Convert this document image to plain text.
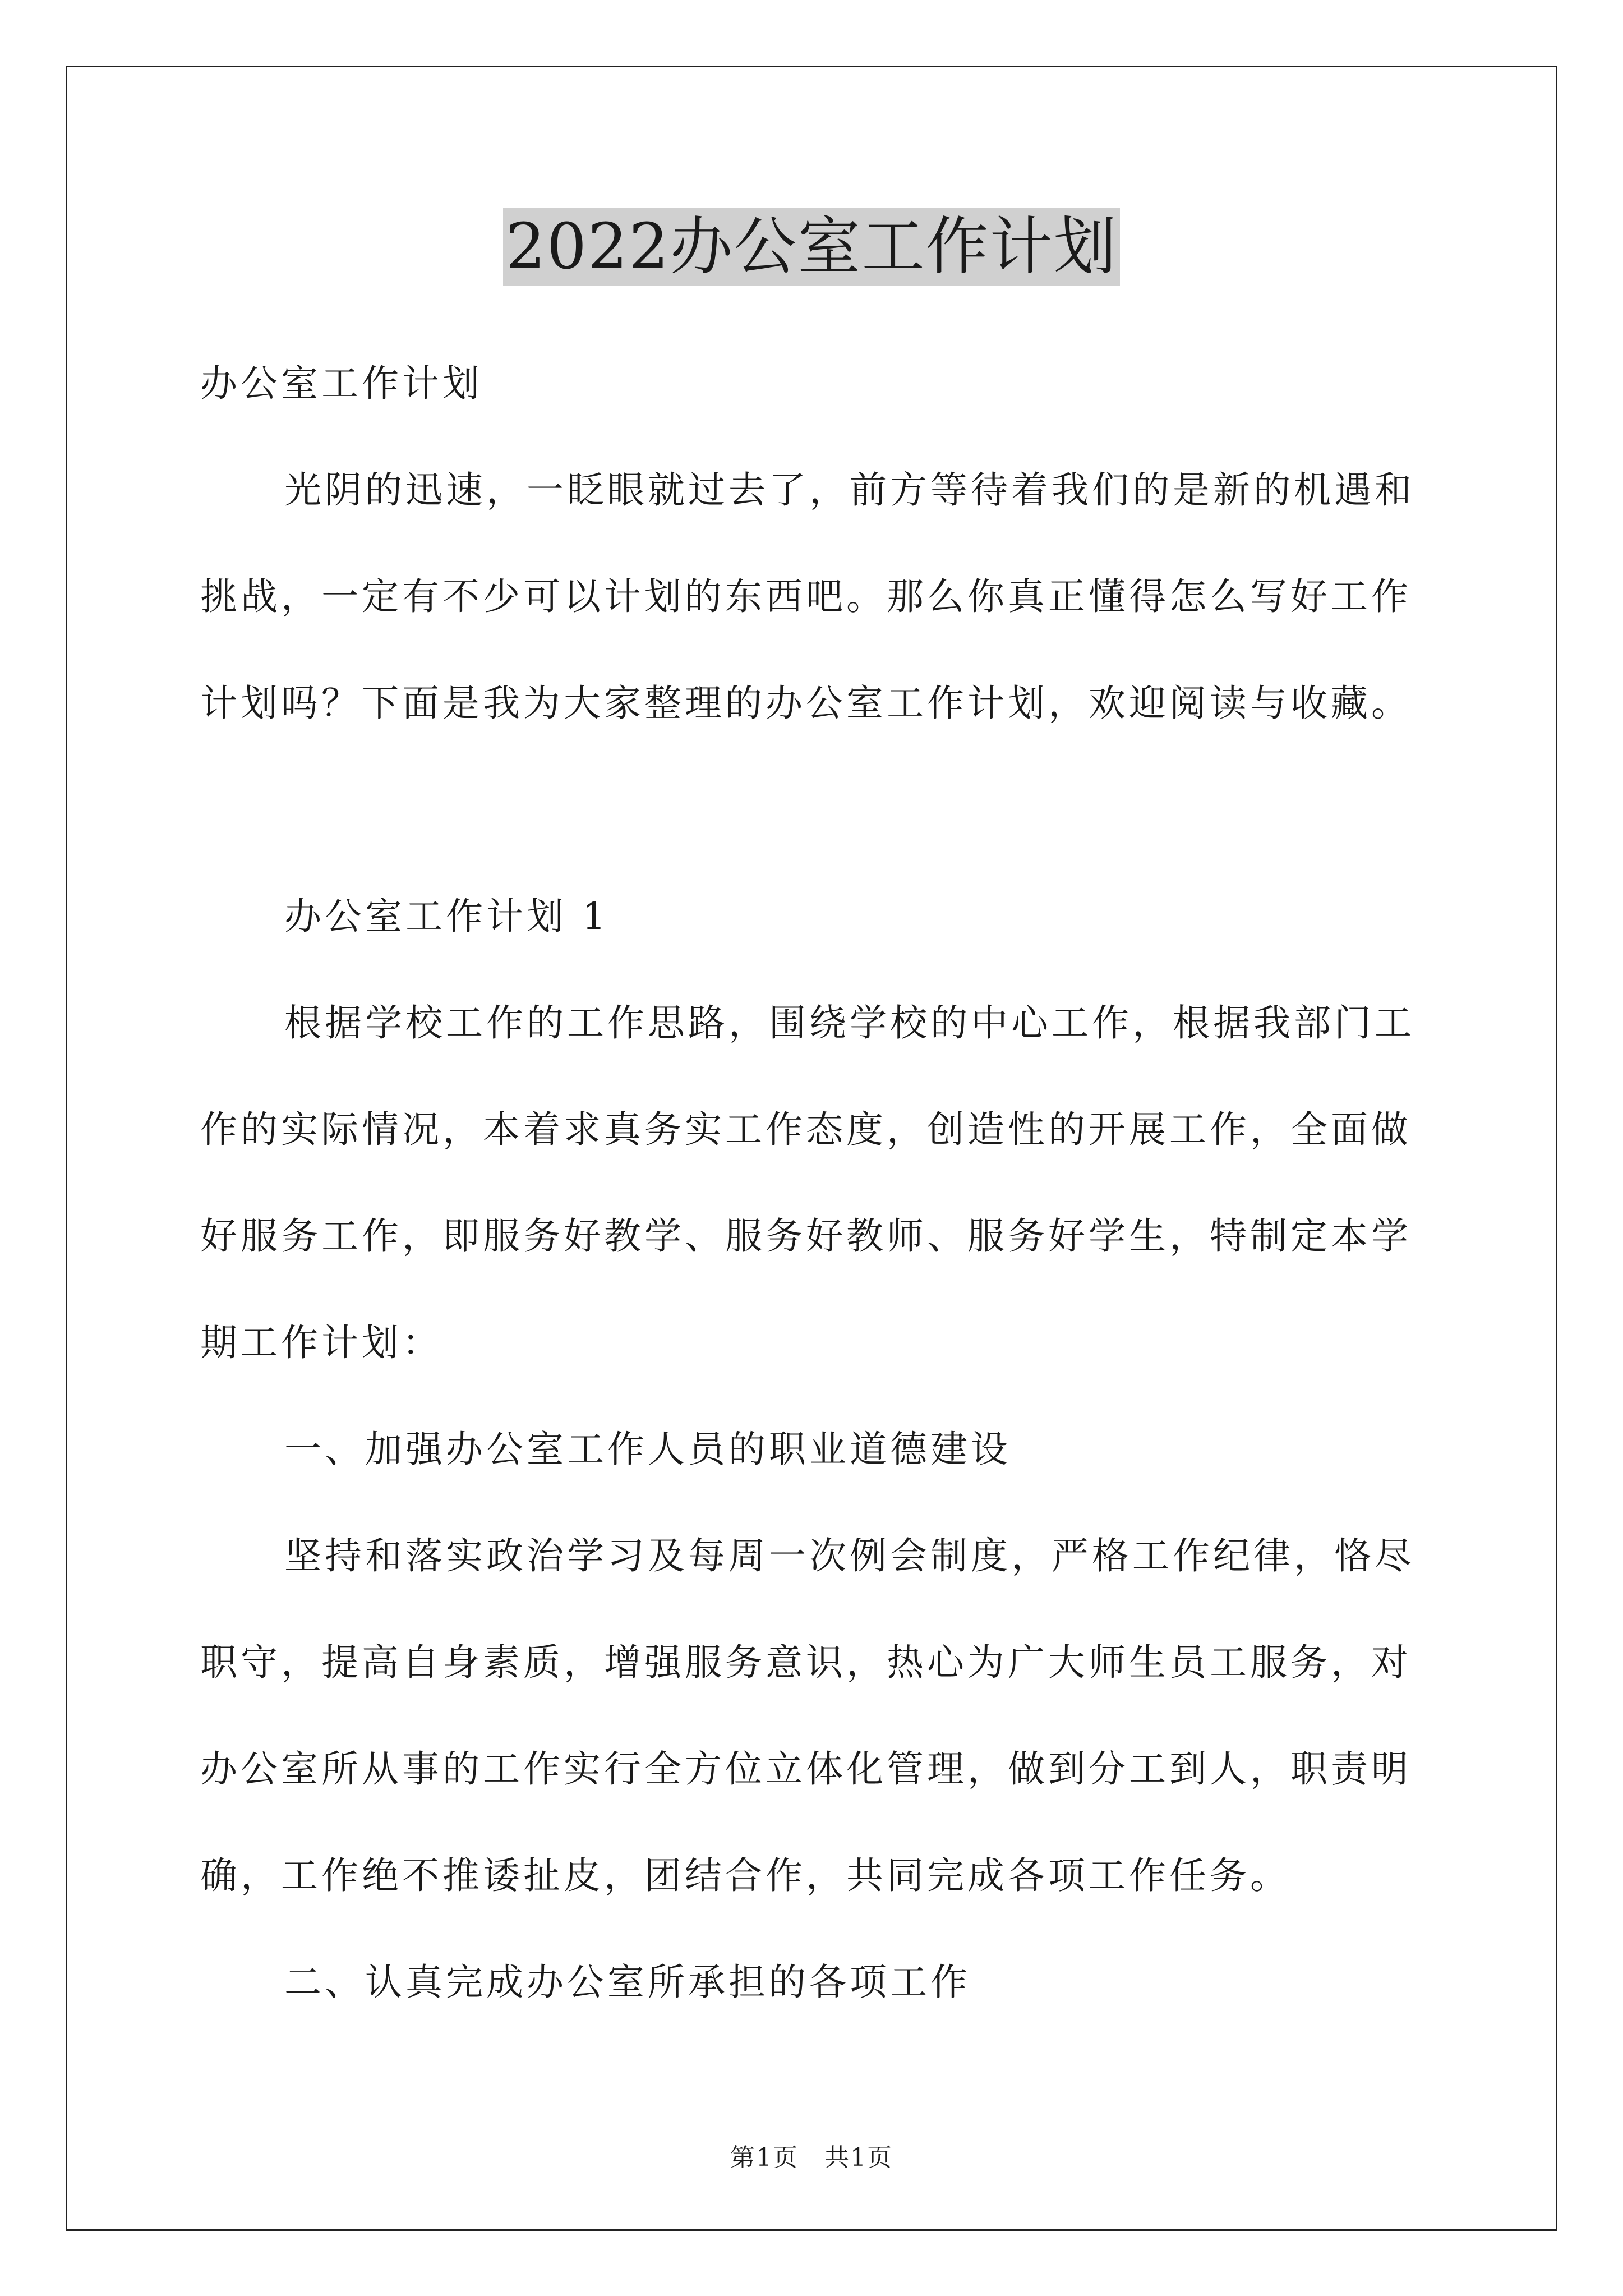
2022办公室工作计划
办公室工作计划
光阴的迅速，一眨眼就过去了，前方等待着我们的是新的机遇和
挑战，一定有不少可以计划的东西吧。那么你真正懂得怎么写好工作
计划吗？下面是我为大家整理的办公室工作计划，欢迎阅读与收藏。
办公室工作计划 1
根据学校工作的工作思路，围绕学校的中心工作，根据我部门工
作的实际情况，本着求真务实工作态度，创造性的开展工作，全面做
好服务工作，即服务好教学、服务好教师、服务好学生，特制定本学
期工作计划：
一、加强办公室工作人员的职业道德建设
坚持和落实政治学习及每周一次例会制度，严格工作纪律，恪尽
职守，提高自身素质，增强服务意识，热心为广大师生员工服务，对
办公室所从事的工作实行全方位立体化管理，做到分工到人，职责明
确，工作绝不推诿扯皮，团结合作，共同完成各项工作任务。
二、认真完成办公室所承担的各项工作
第1页　共1页
